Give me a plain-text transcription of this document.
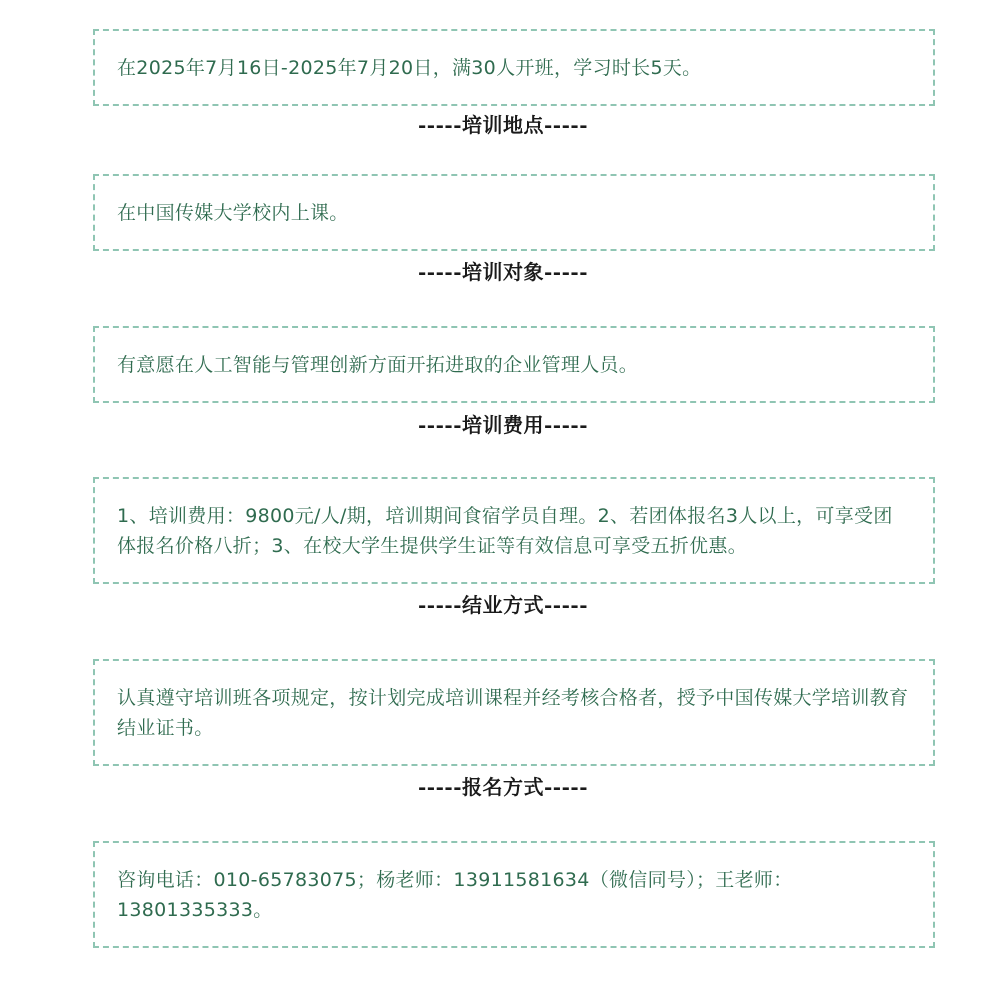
在2025年7月16日-2025年7月20日，满30人开班，学习时长5天。

-----培训地点-----

在中国传媒大学校内上课。

-----培训对象-----

有意愿在人工智能与管理创新方面开拓进取的企业管理人员。

-----培训费用-----

1、培训费用：9800元/人/期，培训期间食宿学员自理。2、若团体报名3人以上，可享受团体报名价格八折；3、在校大学生提供学生证等有效信息可享受五折优惠。

-----结业方式-----

认真遵守培训班各项规定，按计划完成培训课程并经考核合格者，授予中国传媒大学培训教育结业证书。

-----报名方式-----

咨询电话：010-65783075；杨老师：13911581634（微信同号）；王老师：13801335333。
